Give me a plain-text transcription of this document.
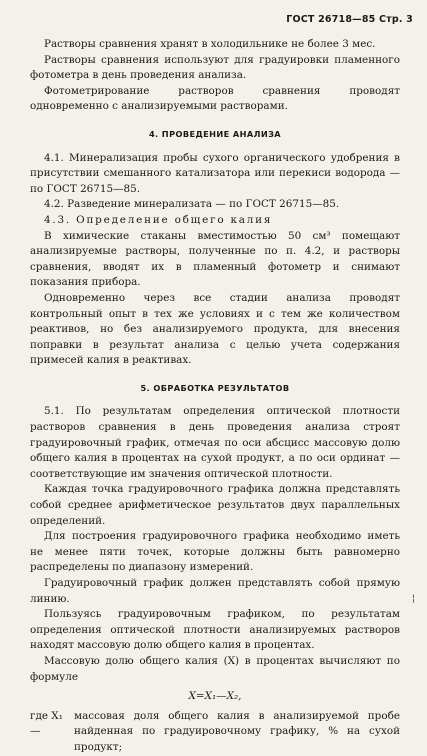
ГОСТ 26718—85 Стр. 3

Растворы сравнения хранят в холодильнике не более 3 мес.

Растворы сравнения используют для градуировки пламенного фотометра в день проведения анализа.

Фотометрирование растворов сравнения проводят одновременно с анализируемыми растворами.

4. ПРОВЕДЕНИЕ АНАЛИЗА

4.1. Минерализация пробы сухого органического удобрения в присутствии смешанного катализатора или перекиси водорода — по ГОСТ 26715—85.

4.2. Разведение минерализата — по ГОСТ 26715—85.

4.3. Определение общего калия

В химические стаканы вместимостью 50 см³ помещают анализируемые растворы, полученные по п. 4.2, и растворы сравнения, вводят их в пламенный фотометр и снимают показания прибора.

Одновременно через все стадии анализа проводят контрольный опыт в тех же условиях и с тем же количеством реактивов, но без анализируемого продукта, для внесения поправки в результат анализа с целью учета содержания примесей калия в реактивах.

5. ОБРАБОТКА РЕЗУЛЬТАТОВ

5.1. По результатам определения оптической плотности растворов сравнения в день проведения анализа строят градуировочный график, отмечая по оси абсцисс массовую долю общего калия в процентах на сухой продукт, а по оси ординат — соответствующие им значения оптической плотности.

Каждая точка градуировочного графика должна представлять собой среднее арифметическое результатов двух параллельных определений.

Для построения градуировочного графика необходимо иметь не менее пяти точек, которые должны быть равномерно распределены по диапазону измерений.

Градуировочный график должен представлять собой прямую линию.

Пользуясь градуировочным графиком, по результатам определения оптической плотности анализируемых растворов находят массовую долю общего калия в процентах.

Массовую долю общего калия (X) в процентах вычисляют по формуле

X=X₁—X₂,
где X₁ —
массовая доля общего калия в анализируемой пробе найденная по градуировочному графику, % на сухой продукт;
¦
